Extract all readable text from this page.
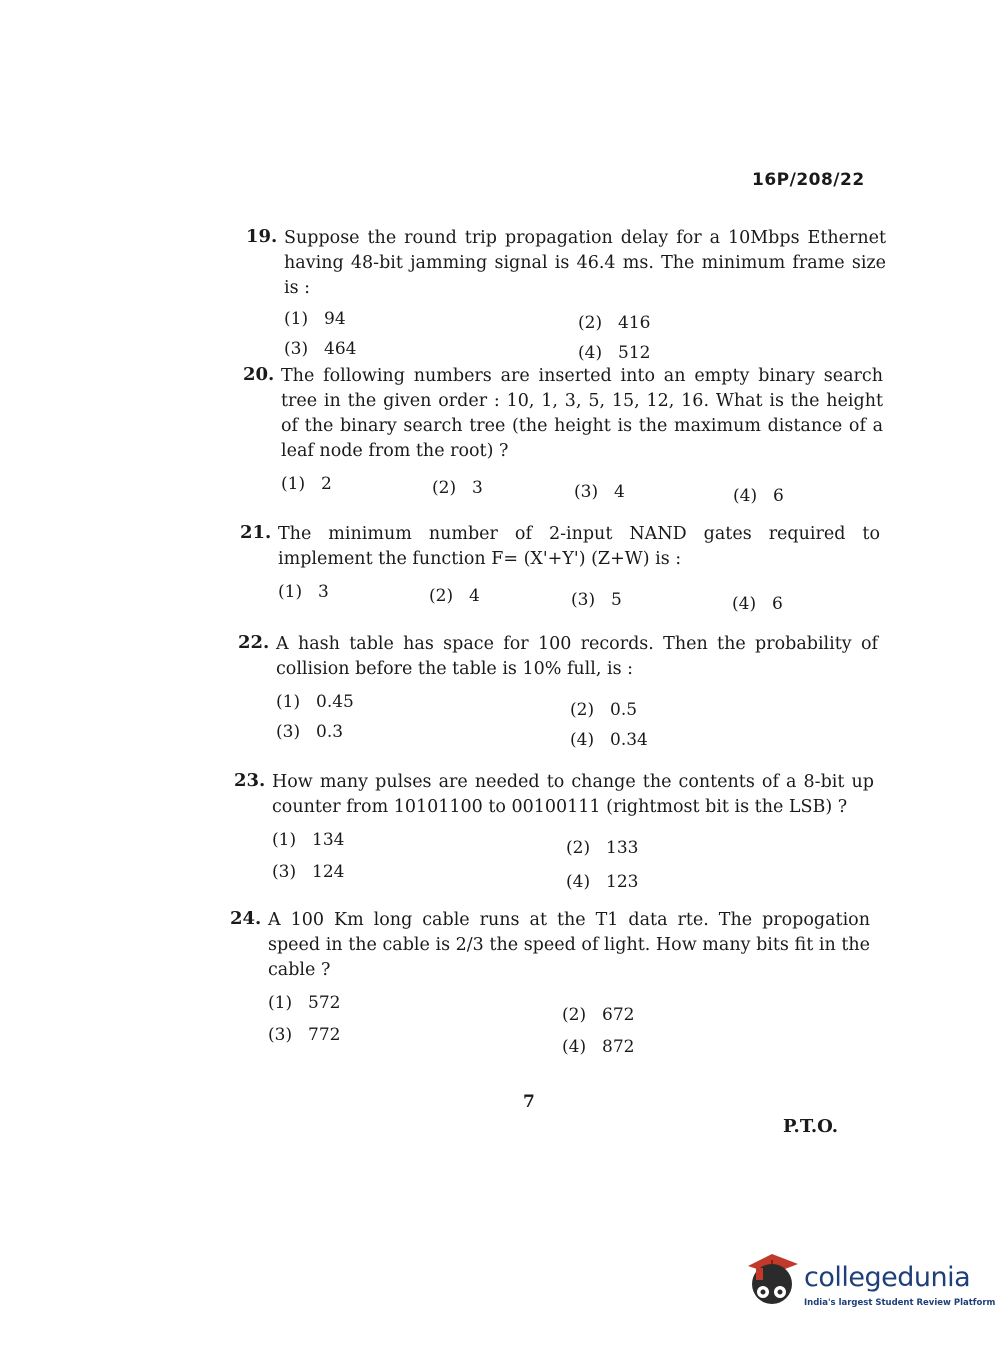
16P/208/22
19. Suppose the round trip propagation delay for a 10Mbps Ethernet having 48-bit jamming signal is 46.4 ms. The minimum frame size is :
(1) 94	(2) 416
(3) 464	(4) 512
20. The following numbers are inserted into an empty binary search tree in the given order : 10, 1, 3, 5, 15, 12, 16. What is the height of the binary search tree (the height is the maximum distance of a leaf node from the root) ?
(1) 2	(2) 3	(3) 4	(4) 6
21. The minimum number of 2-input NAND gates required to implement the function F= (X'+Y') (Z+W) is :
(1) 3	(2) 4	(3) 5	(4) 6
22. A hash table has space for 100 records. Then the probability of collision before the table is 10% full, is :
(1) 0.45	(2) 0.5
(3) 0.3	(4) 0.34
23. How many pulses are needed to change the contents of a 8-bit up counter from 10101100 to 00100111 (rightmost bit is the LSB) ?
(1) 134	(2) 133
(3) 124	(4) 123
24. A 100 Km long cable runs at the T1 data rte. The propogation speed in the cable is 2/3 the speed of light. How many bits fit in the cable ?
(1) 572
(2) 672
(3) 772
(4) 872
7
P.T.O.
collegedunia
India's largest Student Review Platform
